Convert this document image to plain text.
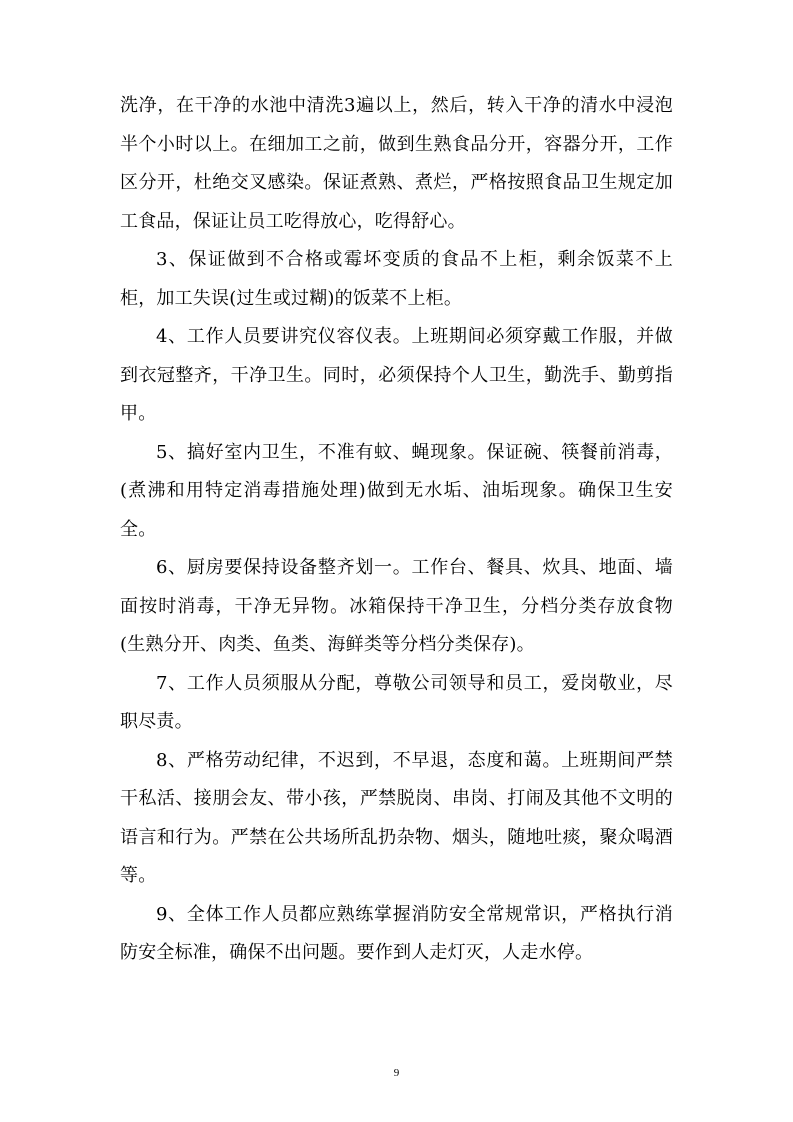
洗净，在干净的水池中清洗3遍以上，然后，转入干净的清水中浸泡半个小时以上。在细加工之前，做到生熟食品分开，容器分开，工作区分开，杜绝交叉感染。保证煮熟、煮烂，严格按照食品卫生规定加工食品，保证让员工吃得放心，吃得舒心。

3、保证做到不合格或霉坏变质的食品不上柜，剩余饭菜不上柜，加工失误(过生或过糊)的饭菜不上柜。

4、工作人员要讲究仪容仪表。上班期间必须穿戴工作服，并做到衣冠整齐，干净卫生。同时，必须保持个人卫生，勤洗手、勤剪指甲。

5、搞好室内卫生，不准有蚊、蝇现象。保证碗、筷餐前消毒，(煮沸和用特定消毒措施处理)做到无水垢、油垢现象。确保卫生安全。

6、厨房要保持设备整齐划一。工作台、餐具、炊具、地面、墙面按时消毒，干净无异物。冰箱保持干净卫生，分档分类存放食物(生熟分开、肉类、鱼类、海鲜类等分档分类保存)。

7、工作人员须服从分配，尊敬公司领导和员工，爱岗敬业，尽职尽责。

8、严格劳动纪律，不迟到，不早退，态度和蔼。上班期间严禁干私活、接朋会友、带小孩，严禁脱岗、串岗、打闹及其他不文明的语言和行为。严禁在公共场所乱扔杂物、烟头，随地吐痰，聚众喝酒等。

9、全体工作人员都应熟练掌握消防安全常规常识，严格执行消防安全标准，确保不出问题。要作到人走灯灭，人走水停。

9
